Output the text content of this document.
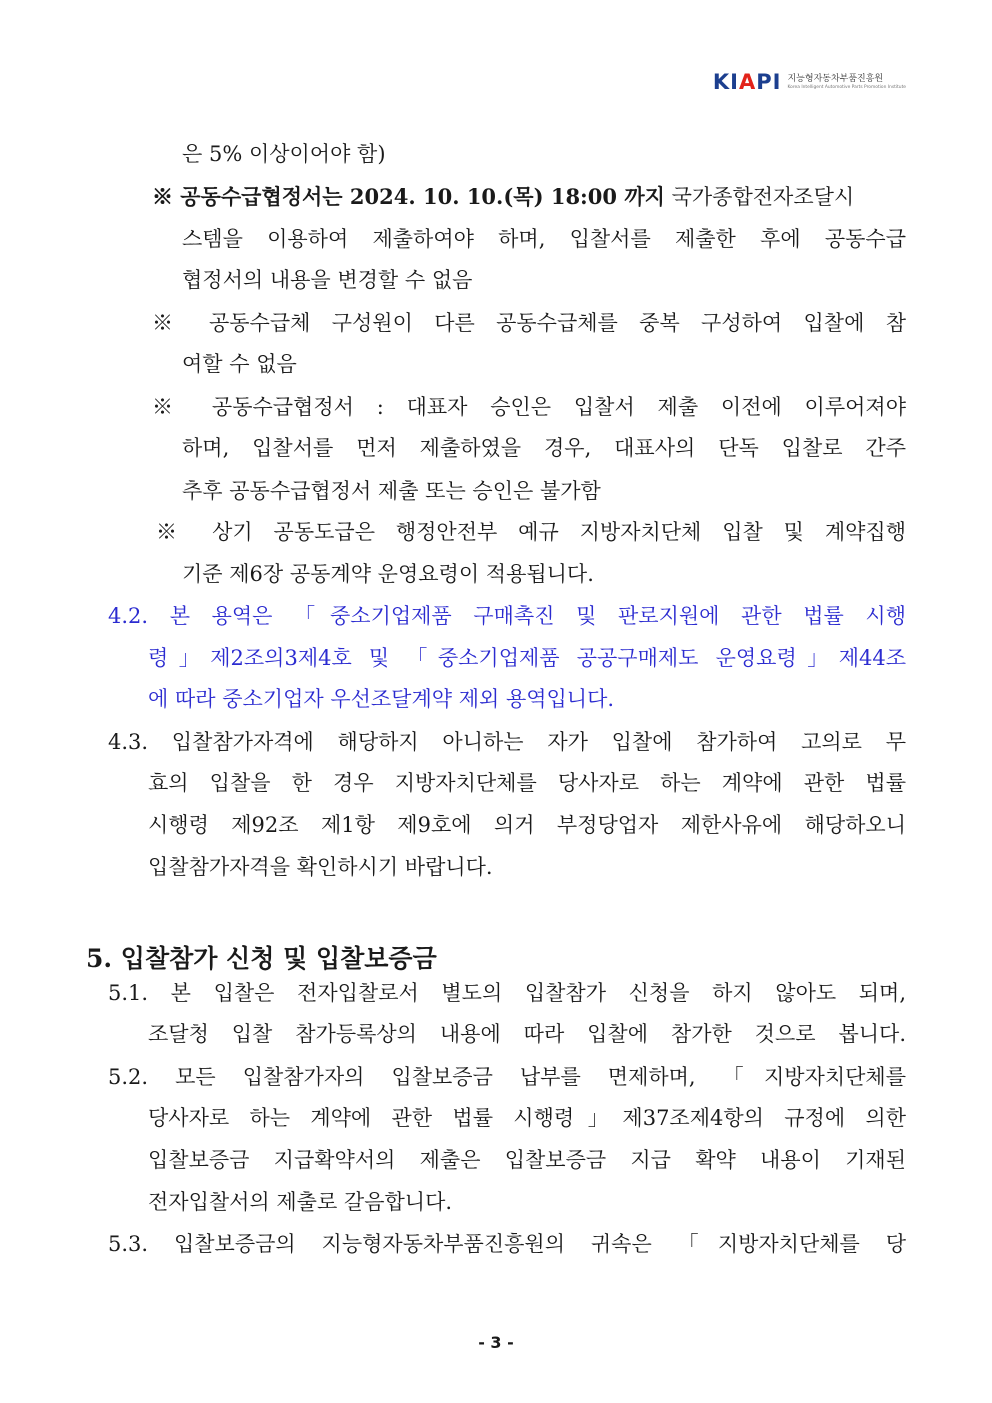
KIAPI 지능형자동차부품진흥원
Korea Intelligent Automotive Parts Promotion Institute
은 5% 이상이어야 함)
※ 공동수급협정서는 2024. 10. 10.(목) 18:00 까지 국가종합전자조달시
스템을 이용하여 제출하여야 하며, 입찰서를 제출한 후에 공동수급
협정서의 내용을 변경할 수 없음
※ 공동수급체 구성원이 다른 공동수급체를 중복 구성하여 입찰에 참
여할 수 없음
※ 공동수급협정서 : 대표자 승인은 입찰서 제출 이전에 이루어져야
하며, 입찰서를 먼저 제출하였을 경우, 대표사의 단독 입찰로 간주
추후 공동수급협정서 제출 또는 승인은 불가함
※ 상기 공동도급은 행정안전부 예규 지방자치단체 입찰 및 계약집행
기준 제6장 공동계약 운영요령이 적용됩니다.
4.2. 본 용역은 「중소기업제품 구매촉진 및 판로지원에 관한 법률 시행
령」제2조의3제4호 및 「중소기업제품 공공구매제도 운영요령」제44조
에 따라 중소기업자 우선조달계약 제외 용역입니다.
4.3. 입찰참가자격에 해당하지 아니하는 자가 입찰에 참가하여 고의로 무
효의 입찰을 한 경우 지방자치단체를 당사자로 하는 계약에 관한 법률
시행령 제92조 제1항 제9호에 의거 부정당업자 제한사유에 해당하오니
입찰참가자격을 확인하시기 바랍니다.
5. 입찰참가 신청 및 입찰보증금
5.1. 본 입찰은 전자입찰로서 별도의 입찰참가 신청을 하지 않아도 되며,
조달청 입찰 참가등록상의 내용에 따라 입찰에 참가한 것으로 봅니다.
5.2. 모든 입찰참가자의 입찰보증금 납부를 면제하며, 「지방자치단체를
당사자로 하는 계약에 관한 법률 시행령」제37조제4항의 규정에 의한
입찰보증금 지급확약서의 제출은 입찰보증금 지급 확약 내용이 기재된
전자입찰서의 제출로 갈음합니다.
5.3. 입찰보증금의 지능형자동차부품진흥원의 귀속은 「지방자치단체를 당
- 3 -
